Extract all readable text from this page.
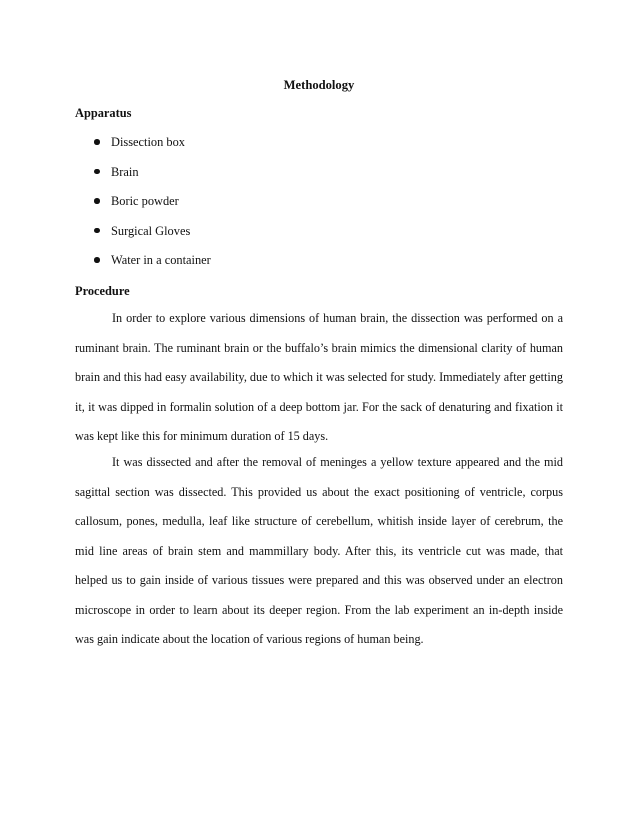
Methodology
Apparatus
Dissection box
Brain
Boric powder
Surgical Gloves
Water in a container
Procedure

In order to explore various dimensions of human brain, the dissection was performed on a ruminant brain. The ruminant brain or the buffalo’s brain mimics the dimensional clarity of human brain and this had easy availability, due to which it was selected for study. Immediately after getting it, it was dipped in formalin solution of a deep bottom jar. For the sack of denaturing and fixation it was kept like this for minimum duration of 15 days.

It was dissected and after the removal of meninges a yellow texture appeared and the mid sagittal section was dissected. This provided us about the exact positioning of ventricle, corpus callosum, pones, medulla, leaf like structure of cerebellum, whitish inside layer of cerebrum, the mid line areas of brain stem and mammillary body. After this, its ventricle cut was made, that helped us to gain inside of various tissues were prepared and this was observed under an electron microscope in order to learn about its deeper region. From the lab experiment an in-depth inside was gain indicate about the location of various regions of human being.
